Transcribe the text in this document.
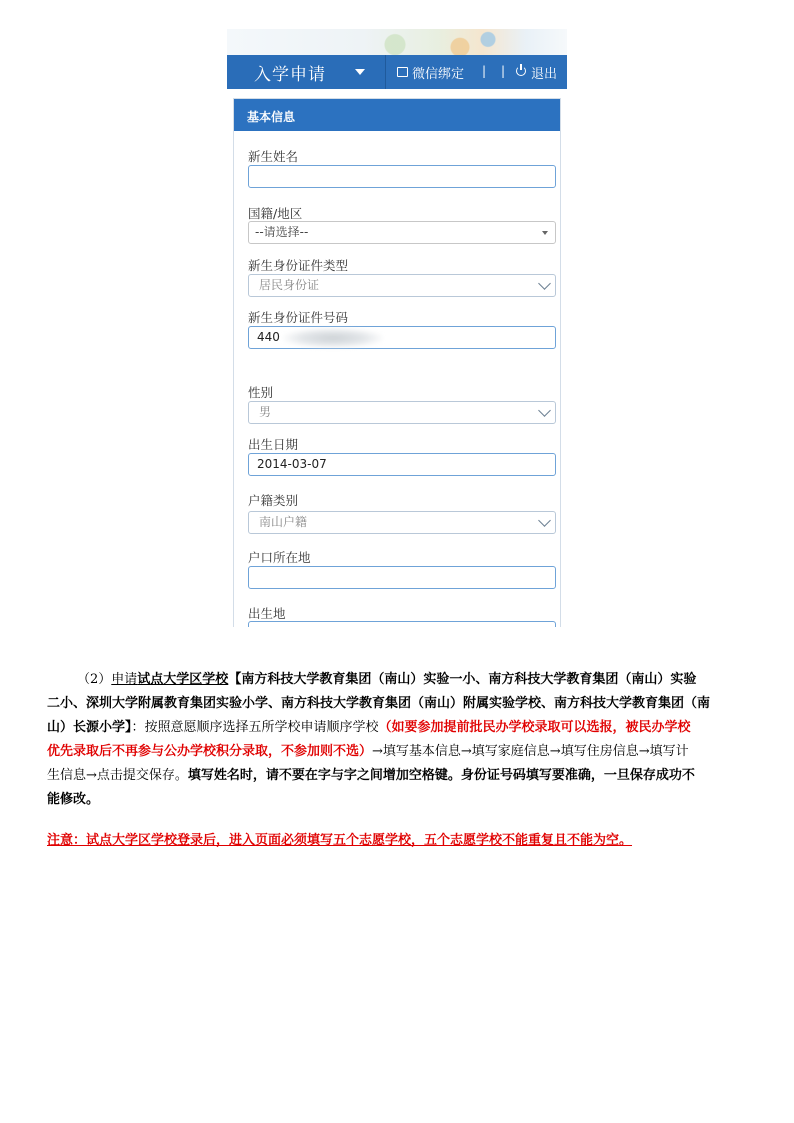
入学申请	微信绑定 | | 退出
基本信息
新生姓名
国籍/地区
--请选择--
新生身份证件类型
居民身份证
新生身份证件号码
440
性别
男
出生日期
2014-03-07
户籍类别
南山户籍
户口所在地
出生地
（2）申请试点大学区学校【南方科技大学教育集团（南山）实验一小、南方科技大学教育集团（南山）实验
二小、深圳大学附属教育集团实验小学、南方科技大学教育集团（南山）附属实验学校、南方科技大学教育集团（南
山）长源小学】：按照意愿顺序选择五所学校申请顺序学校（如要参加提前批民办学校录取可以选报，被民办学校
优先录取后不再参与公办学校积分录取，不参加则不选）→填写基本信息→填写家庭信息→填写住房信息→填写计
生信息→点击提交保存。填写姓名时，请不要在字与字之间增加空格键。身份证号码填写要准确，一旦保存成功不
能修改。
注意：试点大学区学校登录后，进入页面必须填写五个志愿学校，五个志愿学校不能重复且不能为空。
